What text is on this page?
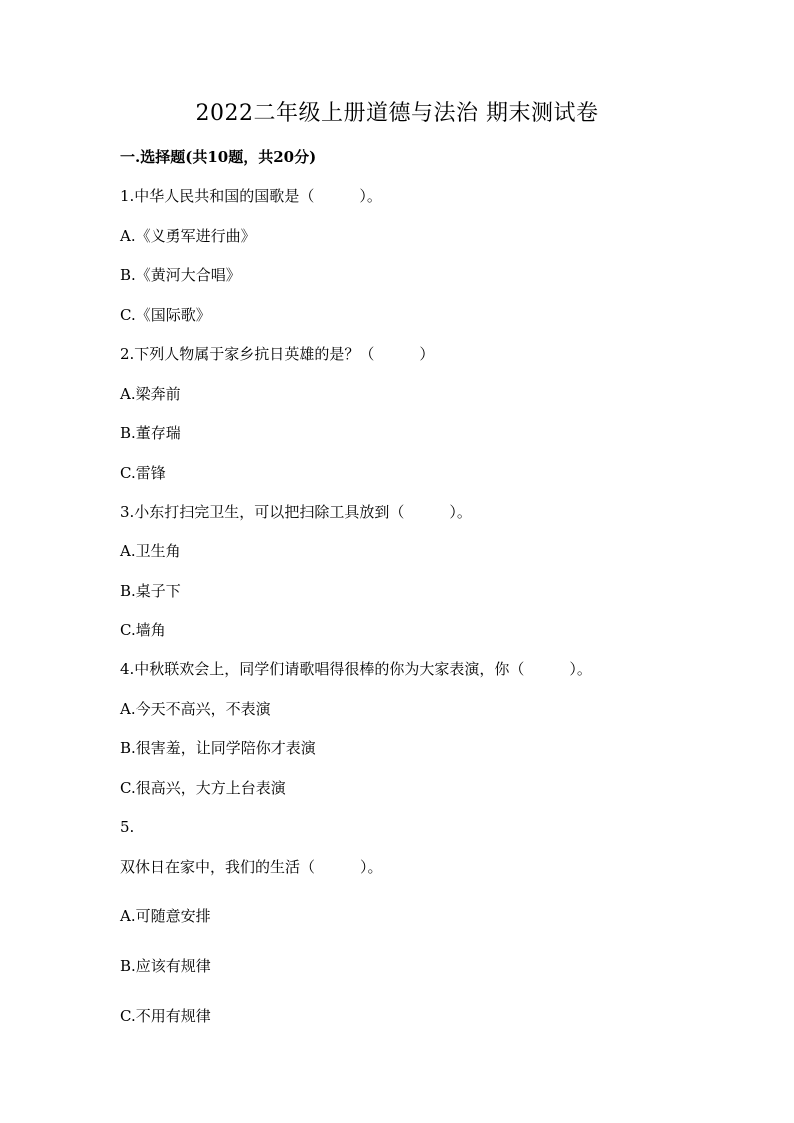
2022二年级上册道德与法治 期末测试卷
一.选择题(共10题，共20分)
1.中华人民共和国的国歌是（　　　）。
A.《义勇军进行曲》
B.《黄河大合唱》
C.《国际歌》
2.下列人物属于家乡抗日英雄的是？（　　　）
A.梁奔前
B.董存瑞
C.雷锋
3.小东打扫完卫生，可以把扫除工具放到（　　　）。
A.卫生角
B.桌子下
C.墙角
4.中秋联欢会上，同学们请歌唱得很棒的你为大家表演，你（　　　）。
A.今天不高兴，不表演
B.很害羞，让同学陪你才表演
C.很高兴，大方上台表演
5.
双休日在家中，我们的生活（　　　）。
A.可随意安排
B.应该有规律
C.不用有规律
